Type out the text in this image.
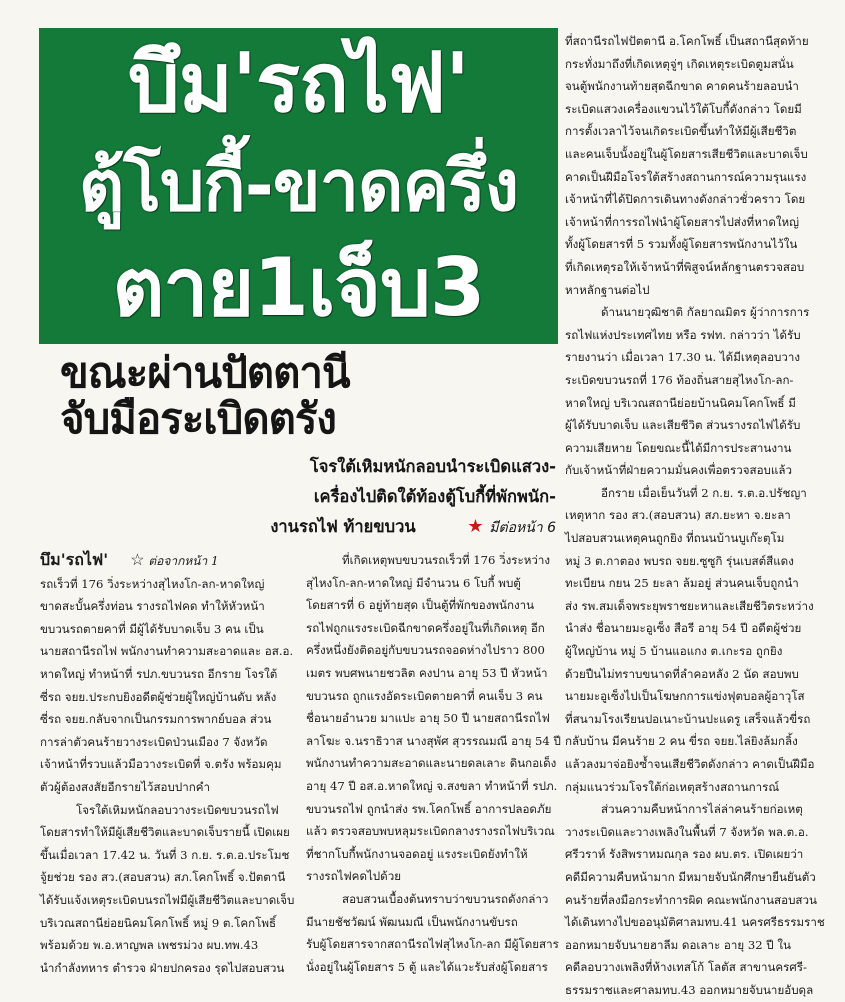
บึม'รถไฟ'
ตู้โบกี้-ขาดครึ่ง
ตาย1เจ็บ3
ขณะผ่านปัตตานี
จับมือระเบิดตรัง
โจรใต้เหิมหนักลอบนำระเบิดแสวง-
เครื่องไปติดใต้ท้องตู้โบกี้ที่พักพนัก-
งานรถไฟ ท้ายขบวน	★ มีต่อหน้า 6
บึม'รถไฟ' ☆ ต่อจากหน้า 1
รถเร็วที่ 176 วิ่งระหว่างสุไหงโก-ลก-หาดใหญ่
ขาดสะบั้นครึ่งท่อน รางรถไฟคด ทำให้หัวหน้า
ขบวนรถตายคาที่ มีผู้ได้รับบาดเจ็บ 3 คน เป็น
นายสถานีรถไฟ พนักงานทำความสะอาดและ อส.อ.
หาดใหญ่ ทำหน้าที่ รปภ.ขบวนรถ อีกราย โจรใต้
ซี่รถ จยย.ประกบยิงอดีตผู้ช่วยผู้ใหญ่บ้านดับ หลัง
ซี่รถ จยย.กลับจากเป็นกรรมการพากย์บอล ส่วน
การล่าตัวคนร้ายวางระเบิดป่วนเมือง 7 จังหวัด
เจ้าหน้าที่รวบแล้วมือวางระเบิดที่ จ.ตรัง พร้อมคุม
ตัวผู้ต้องสงสัยอีกรายไว้สอบปากคำ
โจรใต้เหิมหนักลอบวางระเบิดขบวนรถไฟ
โดยสารทำให้มีผู้เสียชีวิตและบาดเจ็บรายนี้ เปิดเผย
ขึ้นเมื่อเวลา 17.42 น. วันที่ 3 ก.ย. ร.ต.อ.ประโมช
จู้ยช่วย รอง สว.(สอบสวน) สภ.โคกโพธิ์ จ.ปัตตานี
ได้รับแจ้งเหตุระเบิดบนรถไฟมีผู้เสียชีวิตและบาดเจ็บ
บริเวณสถานีย่อยนิคมโคกโพธิ์ หมู่ 9 ต.โคกโพธิ์
พร้อมด้วย พ.อ.หาญพล เพชรม่วง ผบ.ทพ.43
นำกำลังทหาร ตำรวจ ฝ่ายปกครอง รุดไปสอบสวน
ที่เกิดเหตุพบขบวนรถเร็วที่ 176 วิ่งระหว่าง
สุไหงโก-ลก-หาดใหญ่ มีจำนวน 6 โบกี้ พบตู้
โดยสารที่ 6 อยู่ท้ายสุด เป็นตู้ที่พักของพนักงาน
รถไฟถูกแรงระเบิดฉีกขาดครึ่งอยู่ในที่เกิดเหตุ อีก
ครึ่งหนึ่งยังติดอยู่กับขบวนรถจอดห่างไปราว 800
เมตร พบศพนายชวลิต คงปาน อายุ 53 ปี หัวหน้า
ขบวนรถ ถูกแรงอัดระเบิดตายคาที่ คนเจ็บ 3 คน
ชื่อนายอำนวย มาแปะ อายุ 50 ปี นายสถานีรถไฟ
ลาโฆะ จ.นราธิวาส นางสุพัศ สุวรรณมณี อายุ 54 ปี
พนักงานทำความสะอาดและนายดลเลาะ ดินกอเด็ง
อายุ 47 ปี อส.อ.หาดใหญ่ จ.สงขลา ทำหน้าที่ รปภ.
ขบวนรถไฟ ถูกนำส่ง รพ.โคกโพธิ์ อาการปลอดภัย
แล้ว ตรวจสอบพบหลุมระเบิดกลางรางรถไฟบริเวณ
ที่ชากโบกี้พนักงานจอดอยู่ แรงระเบิดยังทำให้
รางรถไฟคดไปด้วย
สอบสวนเบื้องต้นทราบว่าขบวนรถดังกล่าว
มีนายชัชวัฒน์ พัฒนมณี เป็นพนักงานขับรถ
รับผู้โดยสารจากสถานีรถไฟสุไหงโก-ลก มีผู้โดยสาร
นั่งอยู่ในผู้โดยสาร 5 ตู้ และได้แวะรับส่งผู้โดยสาร
ที่สถานีรถไฟปัตตานี อ.โคกโพธิ์ เป็นสถานีสุดท้าย
กระทั่งมาถึงที่เกิดเหตุจู่ๆ เกิดเหตุระเบิดตูมสนั่น
จนตู้พนักงานท้ายสุดฉีกขาด คาดคนร้ายลอบนำ
ระเบิดแสวงเครื่องแขวนไว้ใต้โบกี้ดังกล่าว โดยมี
การตั้งเวลาไว้จนเกิดระเบิดขึ้นทำให้มีผู้เสียชีวิต
และคนเจ็บนั้งอยู่ในผู้โดยสารเสียชีวิตและบาดเจ็บ
คาดเป็นฝีมือโจรใต้สร้างสถานการณ์ความรุนแรง
เจ้าหน้าที่ได้ปิดการเดินทางดังกล่าวชั่วคราว โดย
เจ้าหน้าที่การรถไฟนำผู้โดยสารไปส่งที่หาดใหญ่
ทั้งผู้โดยสารที่ 5 รวมทั้งผู้โดยสารพนักงานไว้ใน
ที่เกิดเหตุรอให้เจ้าหน้าที่พิสูจน์หลักฐานตรวจสอบ
หาหลักฐานต่อไป
ด้านนายวุฒิชาติ กัลยาณมิตร ผู้ว่าการการ
รถไฟแห่งประเทศไทย หรือ รฟท. กล่าวว่า ได้รับ
รายงานว่า เมื่อเวลา 17.30 น. ได้มีเหตุลอบวาง
ระเบิดขบวนรถที่ 176 ท้องถิ่นสายสุไหงโก-ลก-
หาดใหญ่ บริเวณสถานีย่อยบ้านนิคมโคกโพธิ์ มี
ผู้ได้รับบาดเจ็บ และเสียชีวิต ส่วนรางรถไฟได้รับ
ความเสียหาย โดยขณะนี้ได้มีการประสานงาน
กับเจ้าหน้าที่ฝ่ายความมั่นคงเพื่อตรวจสอบแล้ว
อีกราย เมื่อเย็นวันที่ 2 ก.ย. ร.ต.อ.ปรัชญา
เหตุหาก รอง สว.(สอบสวน) สภ.ยะหา จ.ยะลา
ไปสอบสวนเหตุคนถูกยิง ที่ถนนบ้านบูเก๊ะตุโม
หมู่ 3 ต.กาตอง พบรถ จยย.ซูซูกิ รุ่นเบสต์สีแดง
ทะเบียน กยน 25 ยะลา ล้มอยู่ ส่วนคนเจ็บถูกนำ
ส่ง รพ.สมเด็จพระยุพราชยะหาและเสียชีวิตระหว่าง
นำส่ง ชื่อนายมะอูเซ็ง สือรี อายุ 54 ปี อดีตผู้ช่วย
ผู้ใหญ่บ้าน หมู่ 5 บ้านแอแกง ต.เกะรอ ถูกยิง
ด้วยปืนไม่ทราบขนาดที่ลำคอหลัง 2 นัด สอบพบ
นายมะอูเซ็งไปเป็นโฆษกการแข่งฟุตบอลผู้อาวุโส
ที่สนามโรงเรียนปอเนาะบ้านปะแดรู เสร็จแล้วขี่รถ
กลับบ้าน มีคนร้าย 2 คน ขี่รถ จยย.ไล่ยิงล้มกลิ้ง
แล้วลงมาจ่อยิงซ้ำจนเสียชีวิตดังกล่าว คาดเป็นฝีมือ
กลุ่มแนวร่วมโจรใต้ก่อเหตุสร้างสถานการณ์
ส่วนความคืบหน้าการไล่ล่าคนร้ายก่อเหตุ
วางระเบิดและวางเพลิงในพื้นที่ 7 จังหวัด พล.ต.อ.
ศรีวราห์ รังสิพราหมณกุล รอง ผบ.ตร. เปิดเผยว่า
คดีมีความคืบหน้ามาก มีหมายจับนักศึกษายืนยันตัว
คนร้ายที่ลงมือกระทำการผิด คณะพนักงานสอบสวน
ได้เดินทางไปขออนุมัติศาลมทบ.41 นครศรีธรรมราช
ออกหมายจับนายฮาลีม ดอเลาะ อายุ 32 ปี ใน
คดีลอบวางเพลิงที่ห้างเทสโก้ โลตัส สาขานครศรี-
ธรรมราชและศาลมทบ.43 ออกหมายจับนายอับดุล
